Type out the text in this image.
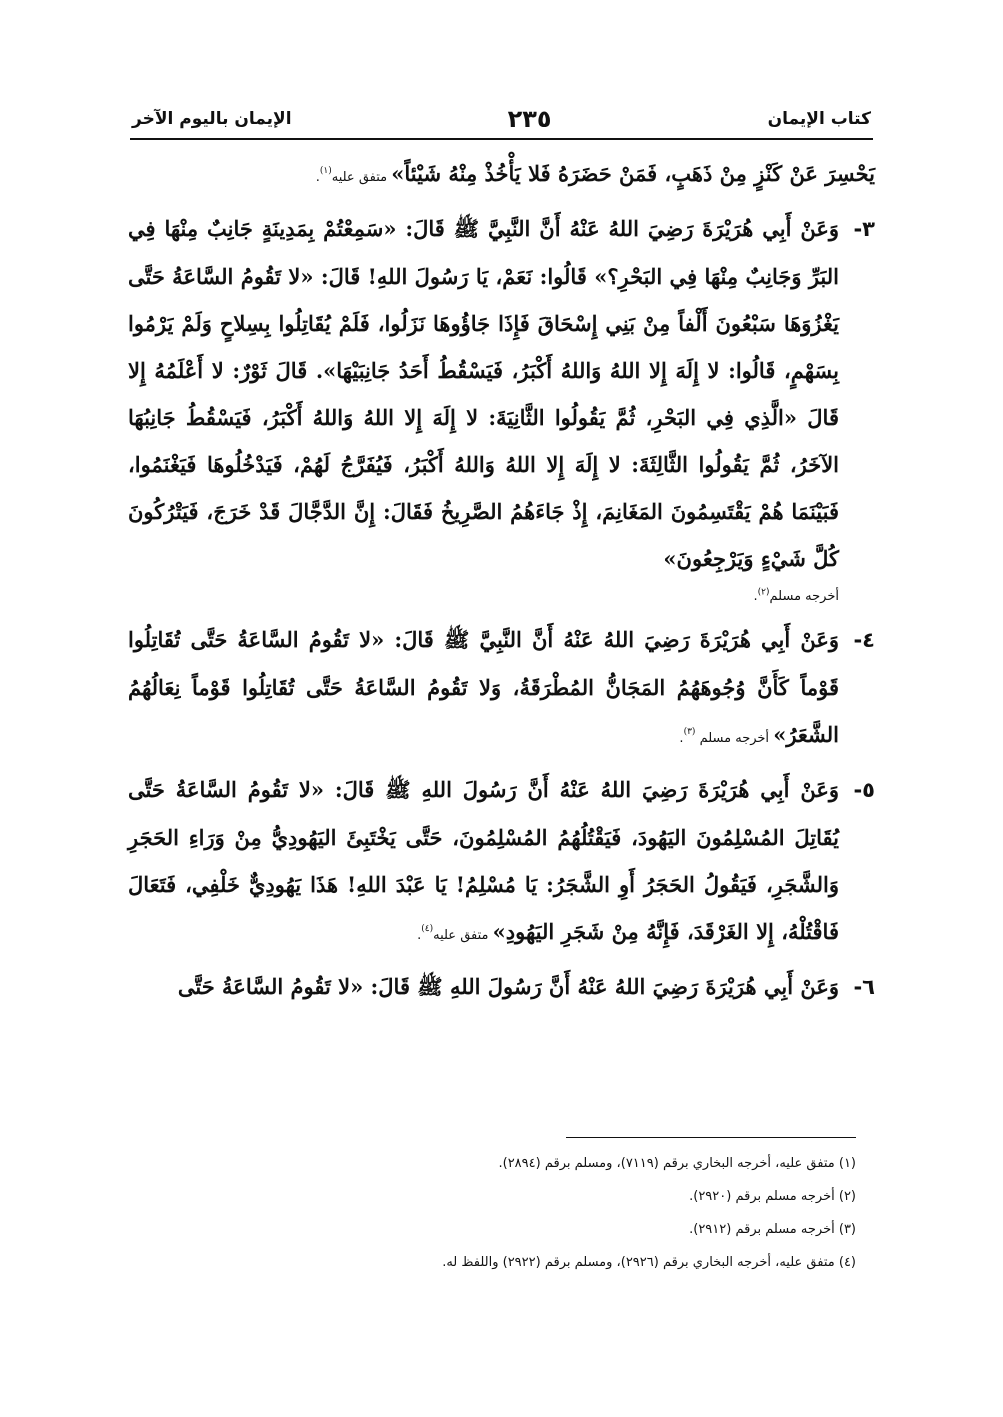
كتاب الإيمان
٢٣٥
الإيمان باليوم الآخر

يَحْسِرَ عَنْ كَنْزٍ مِنْ ذَهَبٍ، فَمَنْ حَضَرَهُ فَلا يَأْخُذْ مِنْهُ شَيْئاً» متفق عليه$^{(١)}$.

٣-وَعَنْ أَبِي هُرَيْرَةَ رَضِيَ اللهُ عَنْهُ أَنَّ النَّبِيَّ ﷺ قَالَ: «سَمِعْتُمْ بِمَدِينَةٍ جَانِبٌ مِنْهَا فِي البَرِّ وَجَانِبٌ مِنْهَا فِي البَحْرِ؟» قَالُوا: نَعَمْ، يَا رَسُولَ اللهِ! قَالَ: «لا تَقُومُ السَّاعَةُ حَتَّى يَغْزُوَهَا سَبْعُونَ أَلْفاً مِنْ بَنِي إِسْحَاقَ فَإِذَا جَاؤُوهَا نَزَلُوا، فَلَمْ يُقَاتِلُوا بِسِلاحٍ وَلَمْ يَرْمُوا بِسَهْمٍ، قَالُوا: لا إِلَهَ إِلا اللهُ وَاللهُ أَكْبَرُ، فَيَسْقُطُ أَحَدُ جَانِبَيْهَا». قَالَ ثَوْرٌ: لا أَعْلَمُهُ إِلا قَالَ «الَّذِي فِي البَحْرِ، ثُمَّ يَقُولُوا الثَّانِيَةَ: لا إِلَهَ إِلا اللهُ وَاللهُ أَكْبَرُ، فَيَسْقُطُ جَانِبُهَا الآخَرُ، ثُمَّ يَقُولُوا الثَّالِثَةَ: لا إِلَهَ إِلا اللهُ وَاللهُ أَكْبَرُ، فَيُفَرَّجُ لَهُمْ، فَيَدْخُلُوهَا فَيَغْنَمُوا، فَبَيْنَمَا هُمْ يَقْتَسِمُونَ المَغَانِمَ، إِذْ جَاءَهُمُ الصَّرِيخُ فَقَالَ: إِنَّ الدَّجَّالَ قَدْ خَرَجَ، فَيَتْرُكُونَ كُلَّ شَيْءٍ وَيَرْجِعُونَ»
أخرجه مسلم$^{(٢)}$.

٤-وَعَنْ أَبِي هُرَيْرَةَ رَضِيَ اللهُ عَنْهُ أَنَّ النَّبِيَّ ﷺ قَالَ: «لا تَقُومُ السَّاعَةُ حَتَّى تُقَاتِلُوا قَوْماً كَأَنَّ وُجُوهَهُمُ المَجَانُّ المُطْرَقَةُ، وَلا تَقُومُ السَّاعَةُ حَتَّى تُقَاتِلُوا قَوْماً نِعَالُهُمُ الشَّعَرُ» أخرجه مسلم $^{(٣)}$.

٥-وَعَنْ أَبِي هُرَيْرَةَ رَضِيَ اللهُ عَنْهُ أَنَّ رَسُولَ اللهِ ﷺ قَالَ: «لا تَقُومُ السَّاعَةُ حَتَّى يُقَاتِلَ المُسْلِمُونَ اليَهُودَ، فَيَقْتُلُهُمُ المُسْلِمُونَ، حَتَّى يَخْتَبِئَ اليَهُودِيُّ مِنْ وَرَاءِ الحَجَرِ وَالشَّجَرِ، فَيَقُولُ الحَجَرُ أَوِ الشَّجَرُ: يَا مُسْلِمُ! يَا عَبْدَ اللهِ! هَذَا يَهُودِيٌّ خَلْفِي، فَتَعَالَ فَاقْتُلْهُ، إِلا الغَرْقَدَ، فَإِنَّهُ مِنْ شَجَرِ اليَهُودِ» متفق عليه$^{(٤)}$.

٦-وَعَنْ أَبِي هُرَيْرَةَ رَضِيَ اللهُ عَنْهُ أَنَّ رَسُولَ اللهِ ﷺ قَالَ: «لا تَقُومُ السَّاعَةُ حَتَّى

(١) متفق عليه، أخرجه البخاري برقم (٧١١٩)، ومسلم برقم (٢٨٩٤).

(٢) أخرجه مسلم برقم (٢٩٢٠).

(٣) أخرجه مسلم برقم (٢٩١٢).

(٤) متفق عليه، أخرجه البخاري برقم (٢٩٢٦)، ومسلم برقم (٢٩٢٢) واللفظ له.
